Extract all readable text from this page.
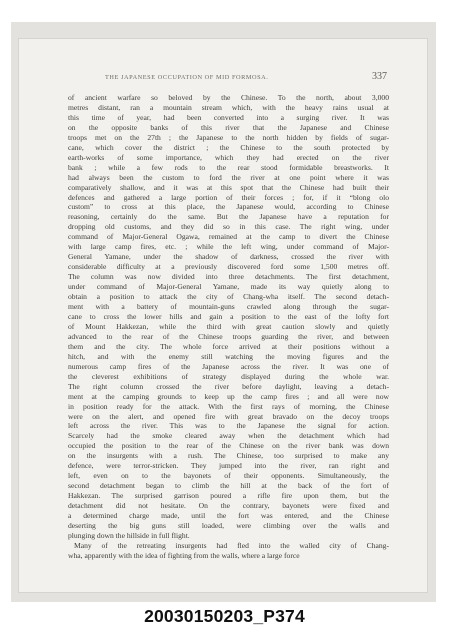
THE JAPANESE OCCUPATION OF MID FORMOSA.	337
of ancient warfare so beloved by the Chinese. To the north, about 3,000
metres distant, ran a mountain stream which, with the heavy rains usual at
this time of year, had been converted into a surging river. It was
on the opposite banks of this river that the Japanese and Chinese
troops met on the 27th ; the Japanese to the north hidden by fields of sugar-
cane, which cover the district ; the Chinese to the south protected by
earth-works of some importance, which they had erected on the river
bank ; while a few rods to the rear stood formidable breastworks. It
had always been the custom to ford the river at one point where it was
comparatively shallow, and it was at this spot that the Chinese had built their
defences and gathered a large portion of their forces ; for, if it “blong olo
custom” to cross at this place, the Japanese would, according to Chinese
reasoning, certainly do the same. But the Japanese have a reputation for
dropping old customs, and they did so in this case. The right wing, under
command of Major-General Ogawa, remained at the camp to divert the Chinese
with large camp fires, etc. ; while the left wing, under command of Major-
General Yamane, under the shadow of darkness, crossed the river with
considerable difficulty at a previously discovered ford some 1,500 metres off.
The column was now divided into three detachments. The first detachment,
under command of Major-General Yamane, made its way quietly along to
obtain a position to attack the city of Chang-wha itself. The second detach-
ment with a battery of mountain-guns crawled along through the sugar-
cane to cross the lower hills and gain a position to the east of the lofty fort
of Mount Hakkezan, while the third with great caution slowly and quietly
advanced to the rear of the Chinese troops guarding the river, and between
them and the city. The whole force arrived at their positions without a
hitch, and with the enemy still watching the moving figures and the
numerous camp fires of the Japanese across the river. It was one of
the cleverest exhibitions of strategy displayed during the whole war.
The right column crossed the river before daylight, leaving a detach-
ment at the camping grounds to keep up the camp fires ; and all were now
in position ready for the attack. With the first rays of morning, the Chinese
were on the alert, and opened fire with great bravado on the decoy troops
left across the river. This was to the Japanese the signal for action.
Scarcely had the smoke cleared away when the detachment which had
occupied the position to the rear of the Chinese on the river bank was down
on the insurgents with a rush. The Chinese, too surprised to make any
defence, were terror-stricken. They jumped into the river, ran right and
left, even on to the bayonets of their opponents. Simultaneously, the
second detachment began to climb the hill at the back of the fort of
Hakkezan. The surprised garrison poured a rifle fire upon them, but the
detachment did not hesitate. On the contrary, bayonets were fixed and
a determined charge made, until the fort was entered, and the Chinese
deserting the big guns still loaded, were climbing over the walls and
plunging down the hillside in full flight.
Many of the retreating insurgents had fled into the walled city of Chang-
wha, apparently with the idea of fighting from the walls, where a large force
20030150203_P374
